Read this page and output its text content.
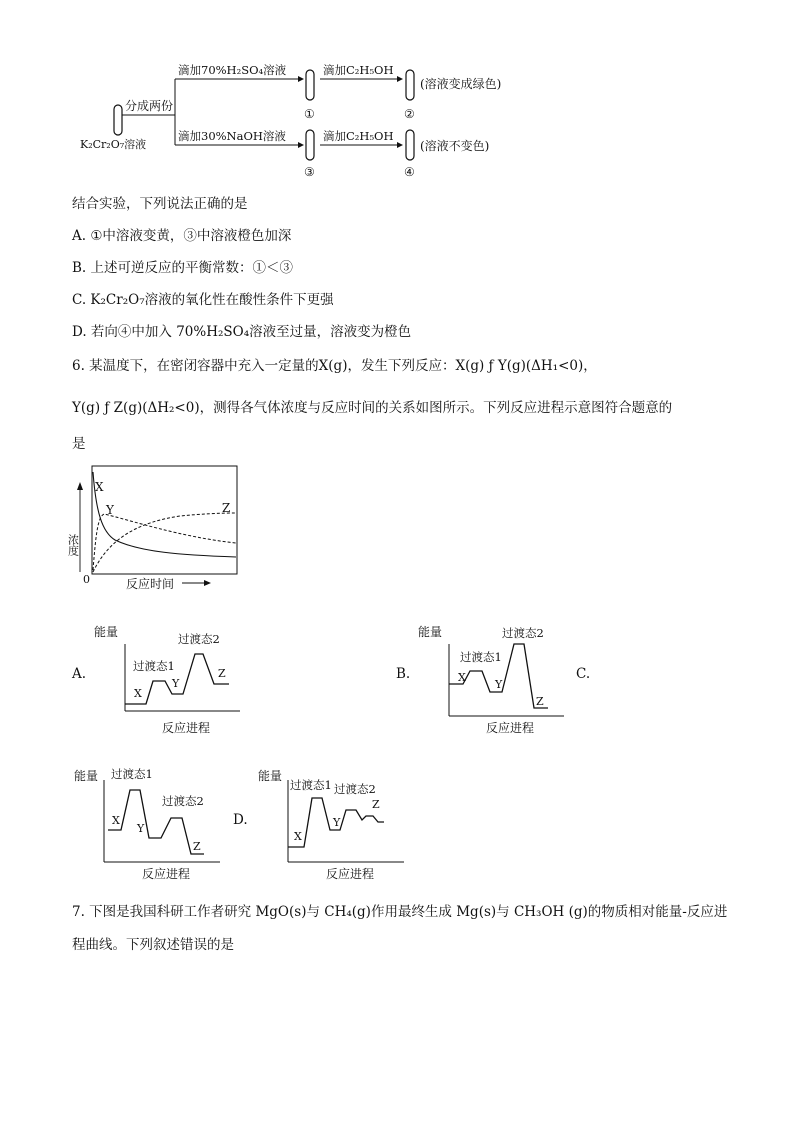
K₂Cr₂O₇溶液
分成两份
滴加70%H₂SO₄溶液
滴加30%NaOH溶液
①
③
滴加C₂H₅OH
滴加C₂H₅OH
②
④
(溶液变成绿色)
(溶液不变色)
结合实验，下列说法正确的是
A. ①中溶液变黄，③中溶液橙色加深
B. 上述可逆反应的平衡常数：①＜③
C. K₂Cr₂O₇溶液的氧化性在酸性条件下更强
D. 若向④中加入 70%H₂SO₄溶液至过量，溶液变为橙色
6. 某温度下，在密闭容器中充入一定量的X(g)，发生下列反应：X(g) ƒ Y(g)(ΔH₁<0)，
Y(g) ƒ Z(g)(ΔH₂<0)，测得各气体浓度与反应时间的关系如图所示。下列反应进程示意图符合题意的
是
浓度
0	反应时间
X
Y	Z
A.
能量
反应进程
X
过渡态1
Y
过渡态2
Z	B.
能量
反应进程
X
过渡态1
Y
过渡态2
Z
C.
能量
反应进程
X
过渡态1
Y
过渡态2
Z
D.
能量
反应进程
X
过渡态1
Y
过渡态2
Z
7. 下图是我国科研工作者研究 MgO(s)与 CH₄(g)作用最终生成 Mg(s)与 CH₃OH (g)的物质相对能量-反应进
程曲线。下列叙述错误的是
